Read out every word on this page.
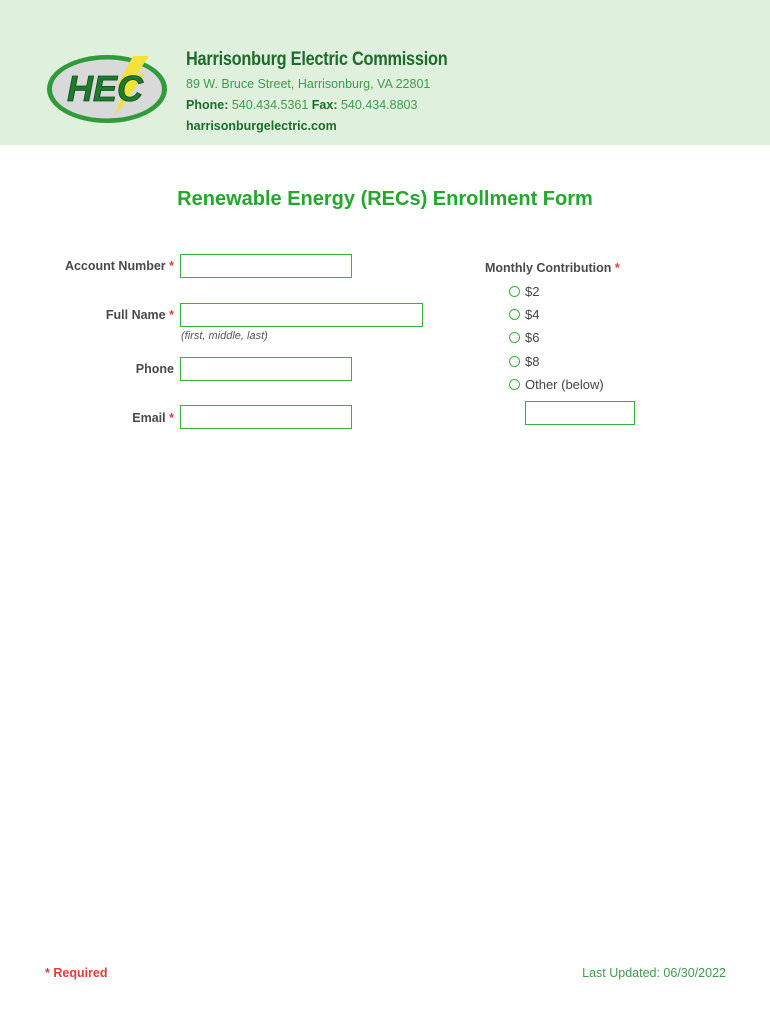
HEC
Harrisonburg Electric Commission
89 W. Bruce Street, Harrisonburg, VA 22801
Phone: 540.434.5361 Fax: 540.434.8803
harrisonburgelectric.com
Renewable Energy (RECs) Enrollment Form
Account Number *
Full Name *
(first, middle, last)
Phone
Email *
Monthly Contribution *
$2
$4
$6
$8
Other (below)
* Required	Last Updated: 06/30/2022
